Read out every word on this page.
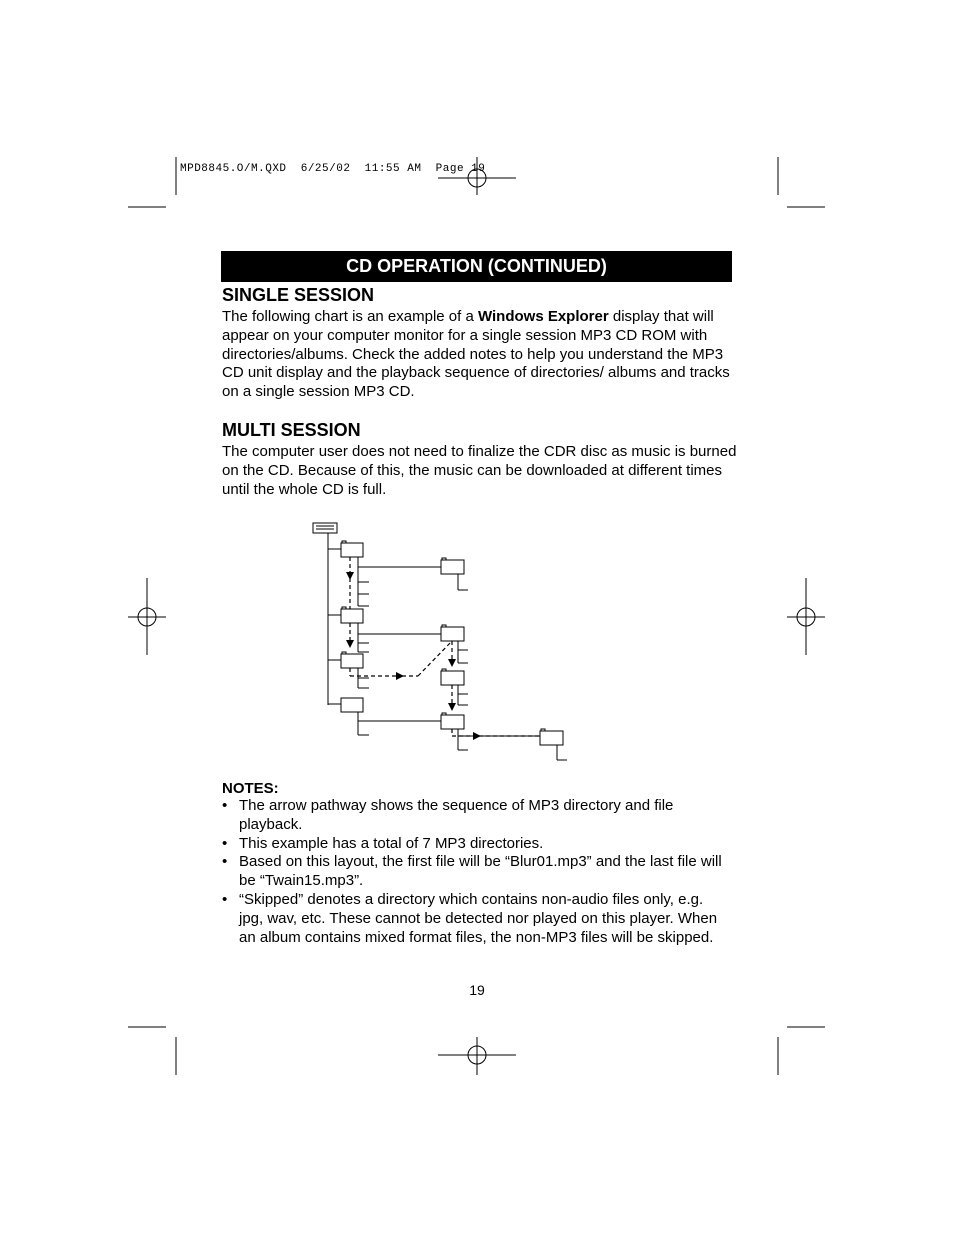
MPD8845.O/M.QXD  6/25/02  11:55 AM  Page 19
CD OPERATION (CONTINUED)
SINGLE SESSION

The following chart is an example of a Windows Explorer display that will appear on your computer monitor for a single session MP3 CD ROM with directories/albums. Check the added notes to help you understand the MP3 CD unit display and the playback sequence of directories/ albums and tracks on a single session MP3 CD.

MULTI SESSION

The computer user does not need to finalize the CDR disc as music is burned on the CD. Because of this, the music can be downloaded at different times until the whole CD is full.

NOTES:
• The arrow pathway shows the sequence of MP3 directory and file playback.
• This example has a total of 7 MP3 directories.
• Based on this layout, the first file will be “Blur01.mp3” and the last file will be “Twain15.mp3”.
• “Skipped” denotes a directory which contains non-audio files only, e.g. jpg, wav, etc. These cannot be detected nor played on this player. When an album contains mixed format files, the non-MP3 files will be skipped.
19
